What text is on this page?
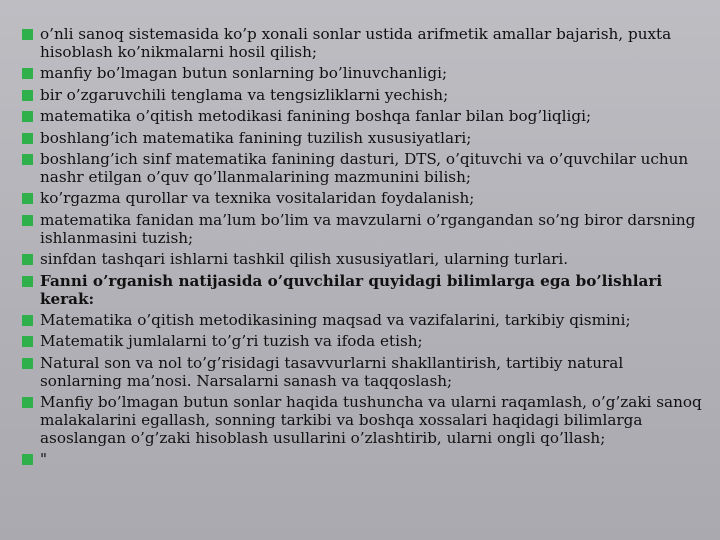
o’nli sanoq sistemasida ko’p xonali sonlar ustida arifmetik amallar bajarish, puxta hisoblash ko’nikmalarni hosil qilish;
manfiy bo’lmagan butun sonlarning bo’linuvchanligi;
bir o’zgaruvchili tenglama va tengsizliklarni yechish;
matematika o’qitish metodikasi fanining boshqa fanlar bilan bog’liqligi;
boshlang’ich matematika fanining tuzilish xususiyatlari;
boshlang’ich sinf matematika fanining dasturi, DTS, o’qituvchi va o’quvchilar uchun nashr etilgan o’quv qo’llanmalarining mazmunini bilish;
ko’rgazma qurollar va texnika vositalaridan foydalanish;
matematika fanidan ma’lum bo’lim va mavzularni o’rgangandan so’ng biror darsning ishlanmasini tuzish;
sinfdan tashqari ishlarni tashkil qilish xususiyatlari, ularning turlari.
Fanni o’rganish natijasida o’quvchilar quyidagi bilimlarga ega bo’lishlari kerak:
Matematika o’qitish metodikasining maqsad va vazifalarini, tarkibiy qismini;
Matematik jumlalarni to’g’ri tuzish va ifoda etish;
Natural son va nol to’g’risidagi tasavvurlarni shakllantirish, tartibiy natural sonlarning ma’nosi. Narsalarni sanash va taqqoslash;
Manfiy bo’lmagan butun sonlar haqida tushuncha va ularni raqamlash, o’g’zaki sanoq malakalarini egallash, sonning tarkibi va boshqa xossalari haqidagi bilimlarga asoslangan o’g’zaki hisoblash usullarini o’zlashtirib, ularni ongli qo’llash;
"
